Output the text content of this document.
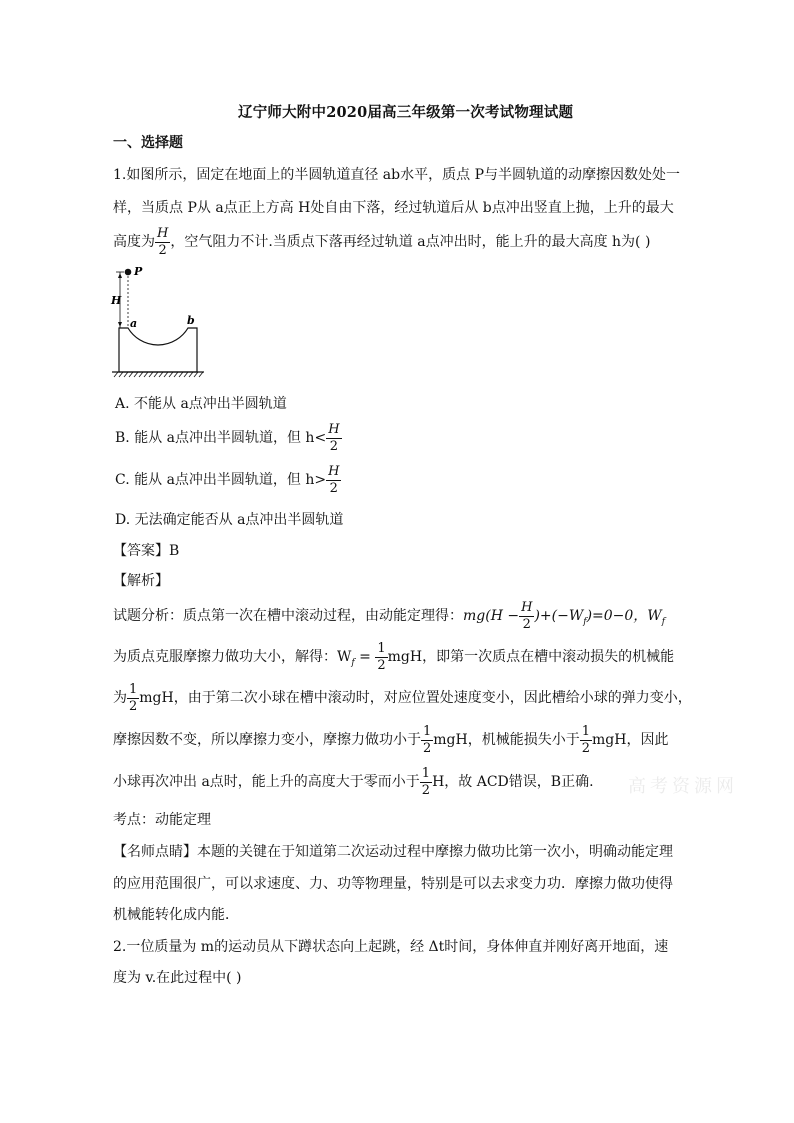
辽宁师大附中2020届高三年级第一次考试物理试题
一、选择题
1.如图所示，固定在地面上的半圆轨道直径 ab水平，质点 P与半圆轨道的动摩擦因数处处一
样，当质点 P从 a点正上方高 H处自由下落，经过轨道后从 b点冲出竖直上抛，上升的最大
高度为 $\frac{H}{2}$ ，空气阻力不计.当质点下落再经过轨道 a点冲出时，能上升的最大高度 h为( )
P
H
a	b
A. 不能从 a点冲出半圆轨道
B. 能从 a点冲出半圆轨道，但 $h< \frac{H}{2}$
C. 能从 a点冲出半圆轨道，但 $h> \frac{H}{2}$
D. 无法确定能否从 a点冲出半圆轨道
【答案】B
【解析】
试题分析：质点第一次在槽中滚动过程，由动能定理得：$mg(H - \frac{H}{2} )+(-W_f)=0-0$，$W_f$
为质点克服摩擦力做功大小，解得：$W_f = \frac{1}{2}$ mgH，即第一次质点在槽中滚动损失的机械能
为 $\frac{1}{2}$ mgH，由于第二次小球在槽中滚动时，对应位置处速度变小，因此槽给小球的弹力变小，
摩擦因数不变，所以摩擦力变小，摩擦力做功小于 $\frac{1}{2}$ mgH，机械能损失小于 $\frac{1}{2}$ mgH，因此
小球再次冲出 a点时，能上升的高度大于零而小于 $\frac{1}{2}$ H，故 ACD错误，B正确. 高考资源网
考点：动能定理
【名师点睛】本题的关键在于知道第二次运动过程中摩擦力做功比第一次小，明确动能定理
的应用范围很广，可以求速度、力、功等物理量，特别是可以去求变力功．摩擦力做功使得
机械能转化成内能．
2.一位质量为 m的运动员从下蹲状态向上起跳，经 Δt时间，身体伸直并刚好离开地面，速
度为 v.在此过程中( )
